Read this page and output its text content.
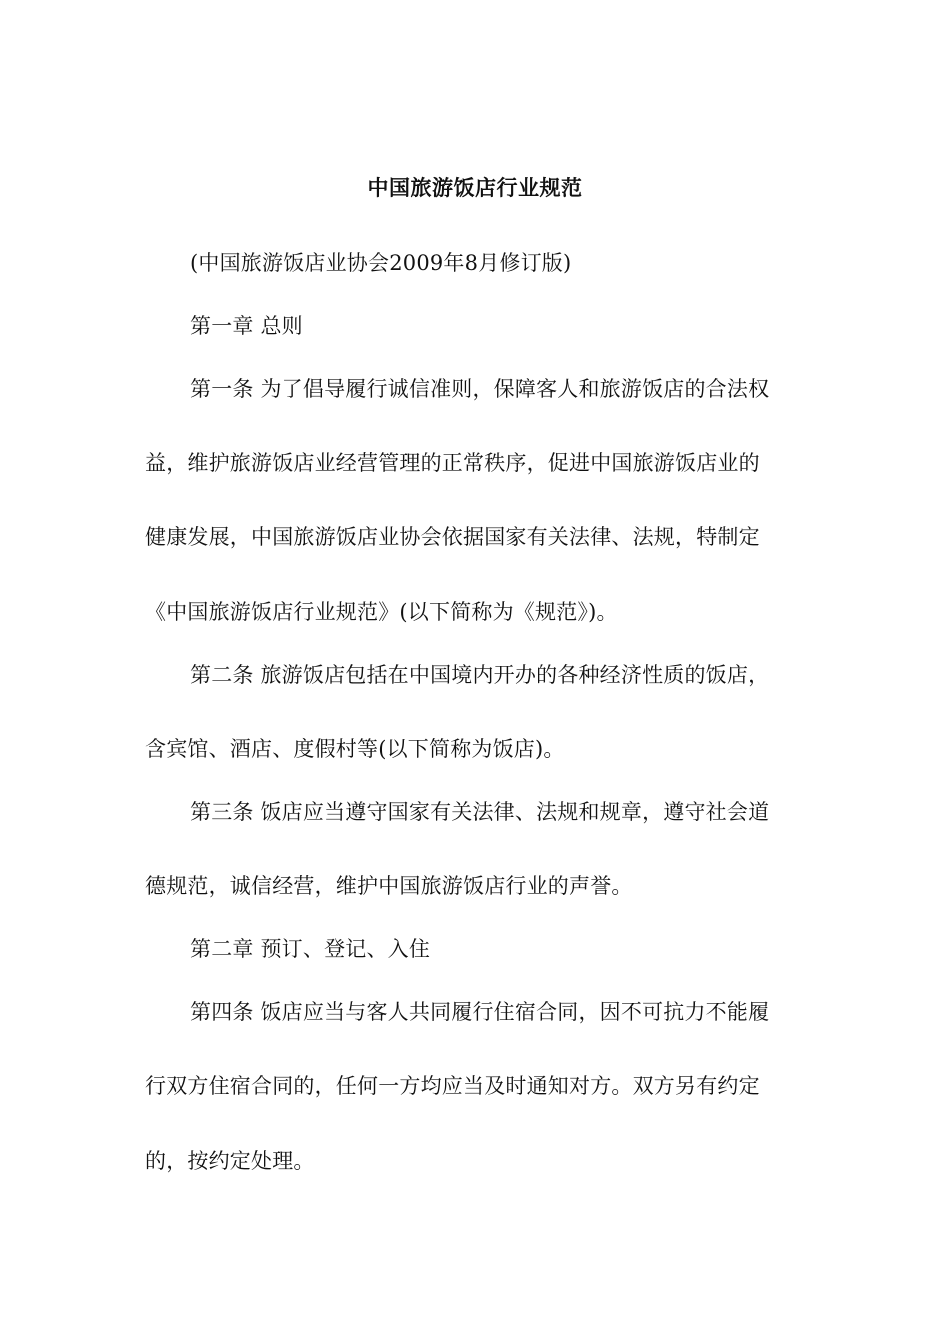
中国旅游饭店行业规范
(中国旅游饭店业协会2009年8月修订版)
第一章 总则
第一条 为了倡导履行诚信准则，保障客人和旅游饭店的合法权
益，维护旅游饭店业经营管理的正常秩序，促进中国旅游饭店业的
健康发展，中国旅游饭店业协会依据国家有关法律、法规，特制定
《中国旅游饭店行业规范》(以下简称为《规范》)。
第二条 旅游饭店包括在中国境内开办的各种经济性质的饭店，
含宾馆、酒店、度假村等(以下简称为饭店)。
第三条 饭店应当遵守国家有关法律、法规和规章，遵守社会道
德规范，诚信经营，维护中国旅游饭店行业的声誉。
第二章 预订、登记、入住
第四条 饭店应当与客人共同履行住宿合同，因不可抗力不能履
行双方住宿合同的，任何一方均应当及时通知对方。双方另有约定
的，按约定处理。
